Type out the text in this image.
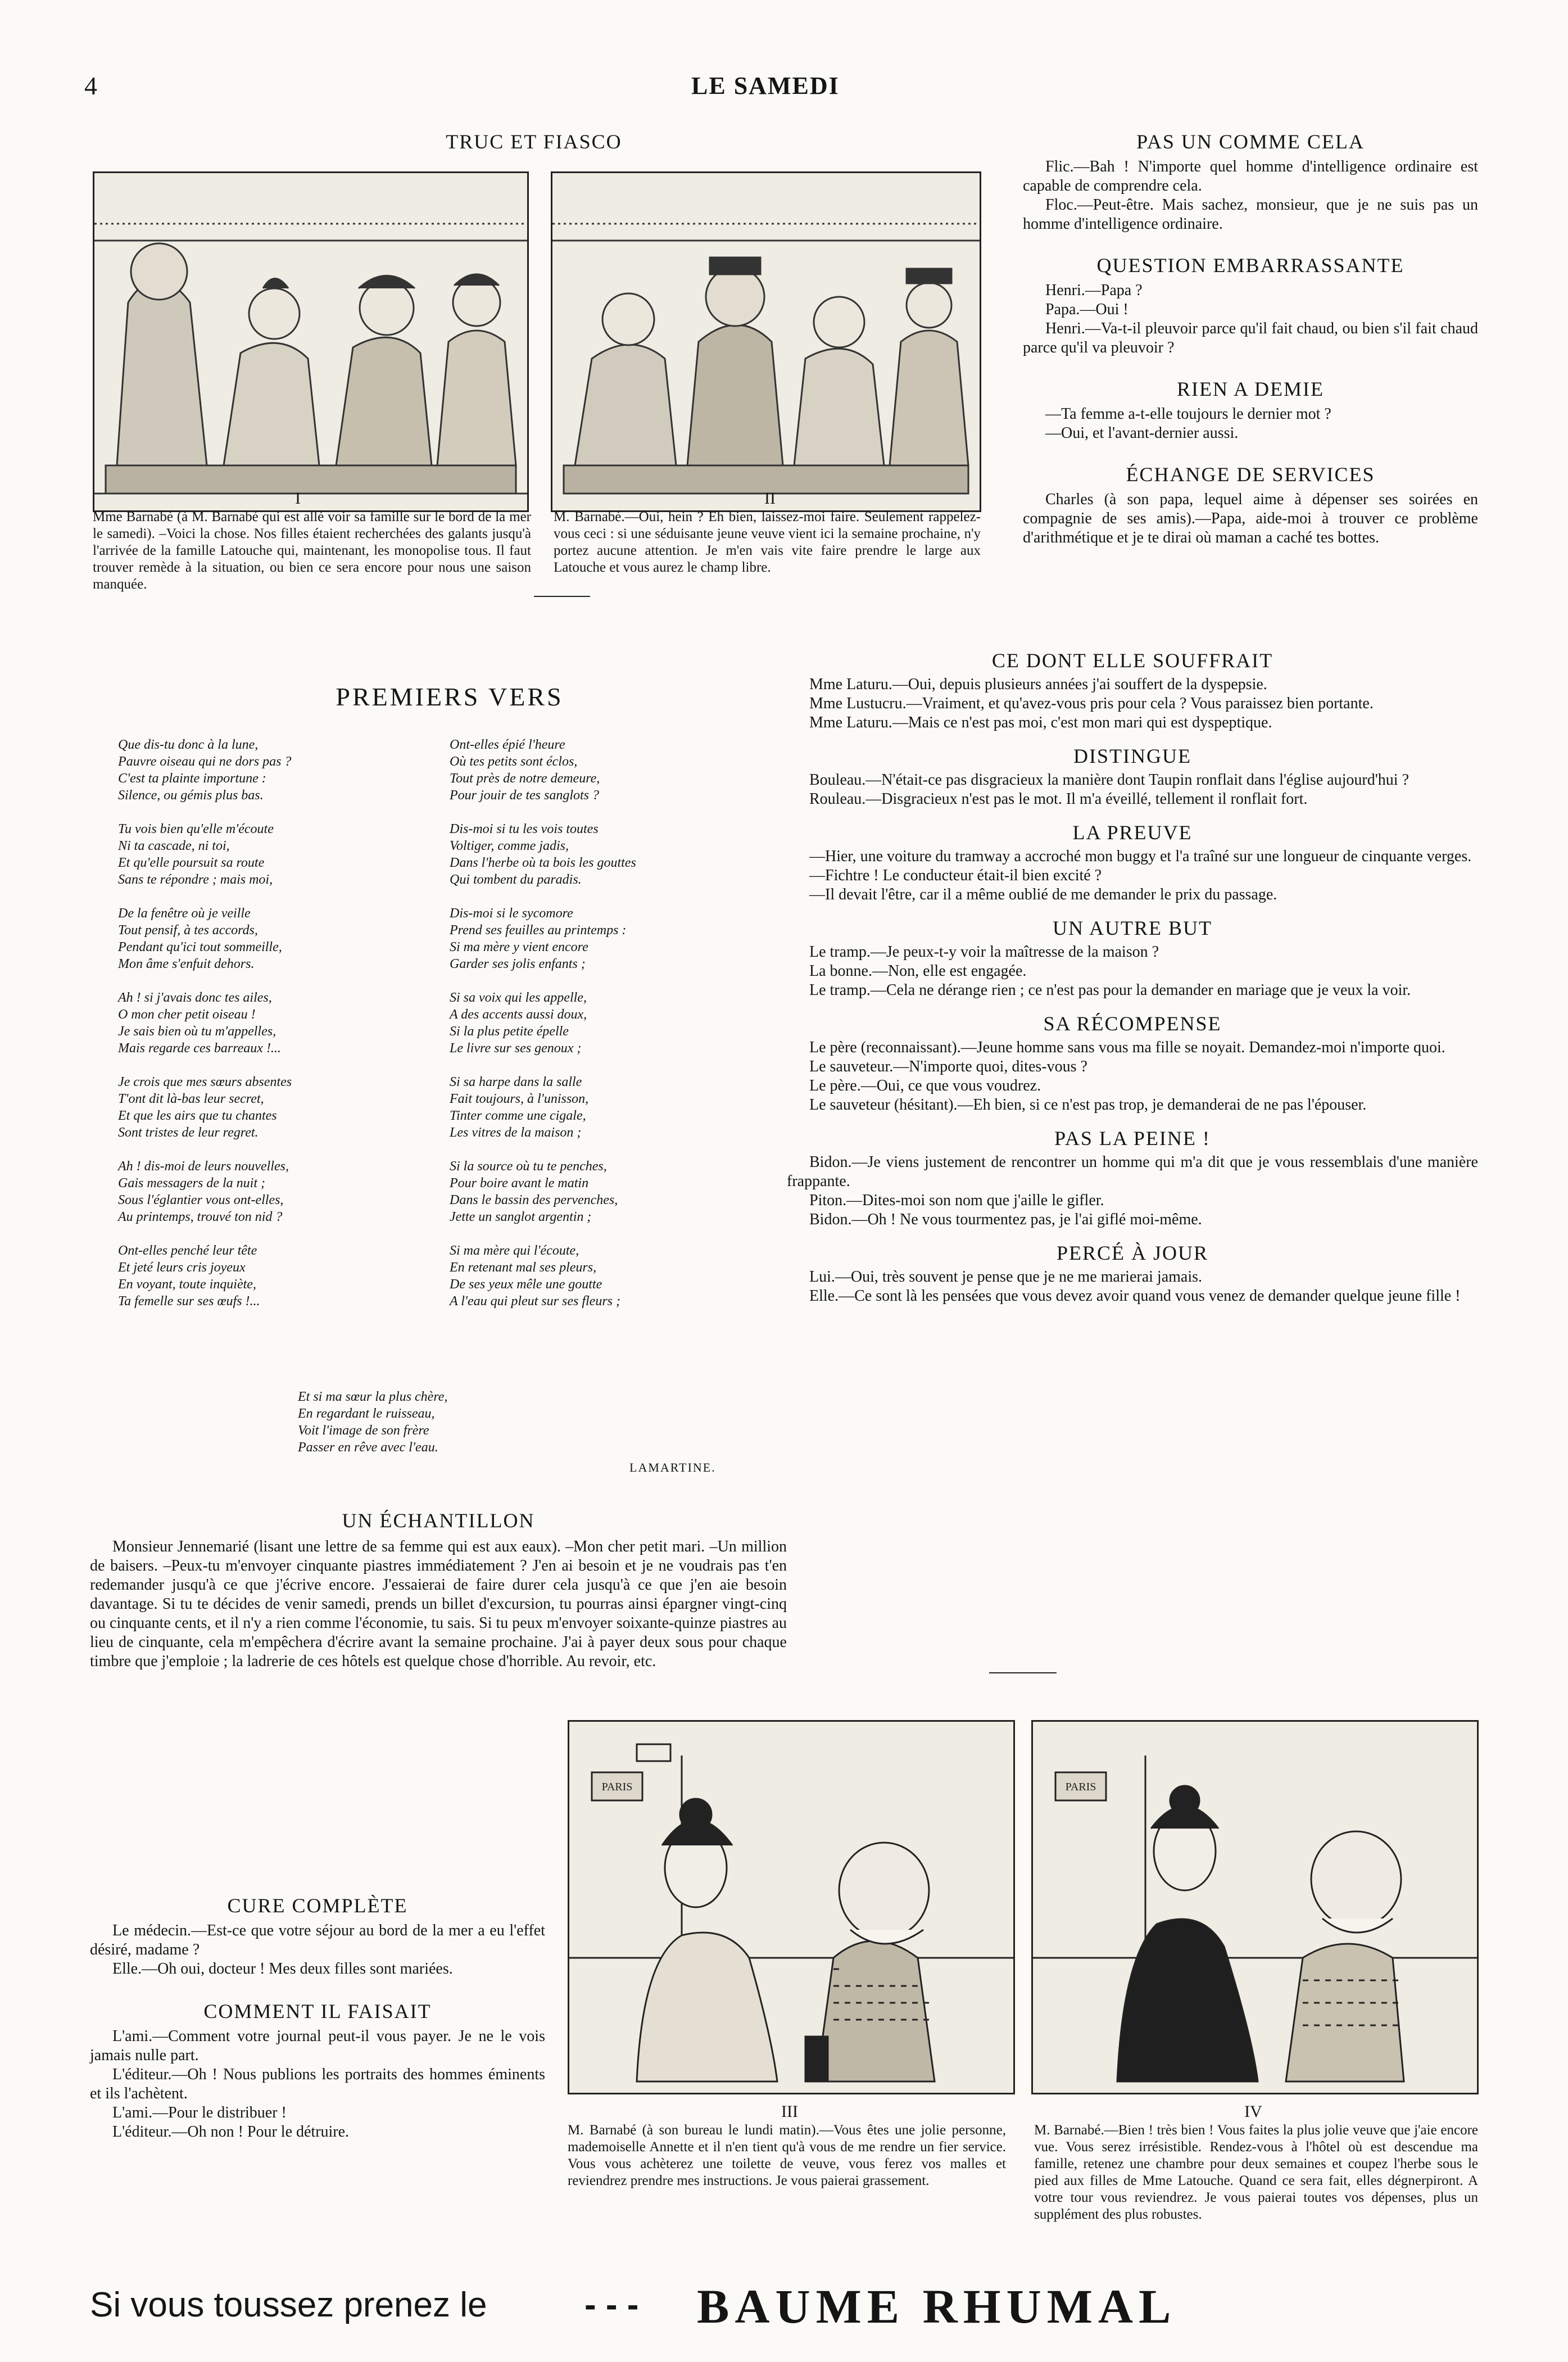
4	LE SAMEDI
TRUC ET FIASCO
I	II
Mme Barnabé (à M. Barnabé qui est allé voir sa famille sur le bord de la mer le samedi). –Voici la chose. Nos filles étaient recherchées des galants jusqu'à l'arrivée de la famille Latouche qui, maintenant, les monopolise tous. Il faut trouver remède à la situation, ou bien ce sera encore pour nous une saison manquée.
M. Barnabé.—Oui, hein ? Eh bien, laissez-moi faire. Seulement rappelez-vous ceci : si une séduisante jeune veuve vient ici la semaine prochaine, n'y portez aucune attention. Je m'en vais vite faire prendre le large aux Latouche et vous aurez le champ libre.
PAS UN COMME CELA

Flic.—Bah ! N'importe quel homme d'intelligence ordinaire est capable de comprendre cela.

Floc.—Peut-être. Mais sachez, monsieur, que je ne suis pas un homme d'intelligence ordinaire.

QUESTION EMBARRASSANTE

Henri.—Papa ?

Papa.—Oui !

Henri.—Va-t-il pleuvoir parce qu'il fait chaud, ou bien s'il fait chaud parce qu'il va pleuvoir ?

RIEN A DEMIE

—Ta femme a-t-elle toujours le dernier mot ?

—Oui, et l'avant-dernier aussi.

ÉCHANGE DE SERVICES

Charles (à son papa, lequel aime à dépenser ses soirées en compagnie de ses amis).—Papa, aide-moi à trouver ce problème d'arithmétique et je te dirai où maman a caché tes bottes.

PREMIERS VERS

Que dis-tu donc à la lune,

Pauvre oiseau qui ne dors pas ?

C'est ta plainte importune :

Silence, ou gémis plus bas.

Tu vois bien qu'elle m'écoute

Ni ta cascade, ni toi,

Et qu'elle poursuit sa route

Sans te répondre ; mais moi,

De la fenêtre où je veille

Tout pensif, à tes accords,

Pendant qu'ici tout sommeille,

Mon âme s'enfuit dehors.

Ah ! si j'avais donc tes ailes,

O mon cher petit oiseau !

Je sais bien où tu m'appelles,

Mais regarde ces barreaux !...

Je crois que mes sœurs absentes

T'ont dit là-bas leur secret,

Et que les airs que tu chantes

Sont tristes de leur regret.

Ah ! dis-moi de leurs nouvelles,

Gais messagers de la nuit ;

Sous l'églantier vous ont-elles,

Au printemps, trouvé ton nid ?

Ont-elles penché leur tête

Et jeté leurs cris joyeux

En voyant, toute inquiète,

Ta femelle sur ses œufs !...

Ont-elles épié l'heure

Où tes petits sont éclos,

Tout près de notre demeure,

Pour jouir de tes sanglots ?

Dis-moi si tu les vois toutes

Voltiger, comme jadis,

Dans l'herbe où ta bois les gouttes

Qui tombent du paradis.

Dis-moi si le sycomore

Prend ses feuilles au printemps :

Si ma mère y vient encore

Garder ses jolis enfants ;

Si sa voix qui les appelle,

A des accents aussi doux,

Si la plus petite épelle

Le livre sur ses genoux ;

Si sa harpe dans la salle

Fait toujours, à l'unisson,

Tinter comme une cigale,

Les vitres de la maison ;

Si la source où tu te penches,

Pour boire avant le matin

Dans le bassin des pervenches,

Jette un sanglot argentin ;

Si ma mère qui l'écoute,

En retenant mal ses pleurs,

De ses yeux mêle une goutte

A l'eau qui pleut sur ses fleurs ;

Et si ma sœur la plus chère,

En regardant le ruisseau,

Voit l'image de son frère

Passer en rêve avec l'eau.

LAMARTINE.
UN ÉCHANTILLON

Monsieur Jennemarié (lisant une lettre de sa femme qui est aux eaux). –Mon cher petit mari. –Un million de baisers. –Peux-tu m'envoyer cinquante piastres immédiatement ? J'en ai besoin et je ne voudrais pas t'en redemander jusqu'à ce que j'écrive encore. J'essaierai de faire durer cela jusqu'à ce que j'en aie besoin davantage. Si tu te décides de venir samedi, prends un billet d'excursion, tu pourras ainsi épargner vingt-cinq ou cinquante cents, et il n'y a rien comme l'économie, tu sais. Si tu peux m'envoyer soixante-quinze piastres au lieu de cinquante, cela m'empêchera d'écrire avant la semaine prochaine. J'ai à payer deux sous pour chaque timbre que j'emploie ; la ladrerie de ces hôtels est quelque chose d'horrible. Au revoir, etc.

CE DONT ELLE SOUFFRAIT

Mme Laturu.—Oui, depuis plusieurs années j'ai souffert de la dyspepsie.

Mme Lustucru.—Vraiment, et qu'avez-vous pris pour cela ? Vous paraissez bien portante.

Mme Laturu.—Mais ce n'est pas moi, c'est mon mari qui est dyspeptique.

DISTINGUE

Bouleau.—N'était-ce pas disgracieux la manière dont Taupin ronflait dans l'église aujourd'hui ?

Rouleau.—Disgracieux n'est pas le mot. Il m'a éveillé, tellement il ronflait fort.

LA PREUVE

—Hier, une voiture du tramway a accroché mon buggy et l'a traîné sur une longueur de cinquante verges.

—Fichtre ! Le conducteur était-il bien excité ?

—Il devait l'être, car il a même oublié de me demander le prix du passage.

UN AUTRE BUT

Le tramp.—Je peux-t-y voir la maîtresse de la maison ?

La bonne.—Non, elle est engagée.

Le tramp.—Cela ne dérange rien ; ce n'est pas pour la demander en mariage que je veux la voir.

SA RÉCOMPENSE

Le père (reconnaissant).—Jeune homme sans vous ma fille se noyait. Demandez-moi n'importe quoi.

Le sauveteur.—N'importe quoi, dites-vous ?

Le père.—Oui, ce que vous voudrez.

Le sauveteur (hésitant).—Eh bien, si ce n'est pas trop, je demanderai de ne pas l'épouser.

PAS LA PEINE !

Bidon.—Je viens justement de rencontrer un homme qui m'a dit que je vous ressemblais d'une manière frappante.

Piton.—Dites-moi son nom que j'aille le gifler.

Bidon.—Oh ! Ne vous tourmentez pas, je l'ai giflé moi-même.

PERCÉ À JOUR

Lui.—Oui, très souvent je pense que je ne me marierai jamais.

Elle.—Ce sont là les pensées que vous devez avoir quand vous venez de demander quelque jeune fille !

PARIS	PARIS
CURE COMPLÈTE

Le médecin.—Est-ce que votre séjour au bord de la mer a eu l'effet désiré, madame ?

Elle.—Oh oui, docteur ! Mes deux filles sont mariées.

COMMENT IL FAISAIT

L'ami.—Comment votre journal peut-il vous payer. Je ne le vois jamais nulle part.

L'éditeur.—Oh ! Nous publions les portraits des hommes éminents et ils l'achètent.

L'ami.—Pour le distribuer !

L'éditeur.—Oh non ! Pour le détruire.

III
M. Barnabé (à son bureau le lundi matin).—Vous êtes une jolie personne, mademoiselle Annette et il n'en tient qu'à vous de me rendre un fier service. Vous vous achèterez une toilette de veuve, vous ferez vos malles et reviendrez prendre mes instructions. Je vous paierai grassement.
IV
M. Barnabé.—Bien ! très bien ! Vous faites la plus jolie veuve que j'aie encore vue. Vous serez irrésistible. Rendez-vous à l'hôtel où est descendue ma famille, retenez une chambre pour deux semaines et coupez l'herbe sous le pied aux filles de Mme Latouche. Quand ce sera fait, elles dégnerpiront. A votre tour vous reviendrez. Je vous paierai toutes vos dépenses, plus un supplément des plus robustes.
Si vous toussez prenez le	- - - BAUME RHUMAL
